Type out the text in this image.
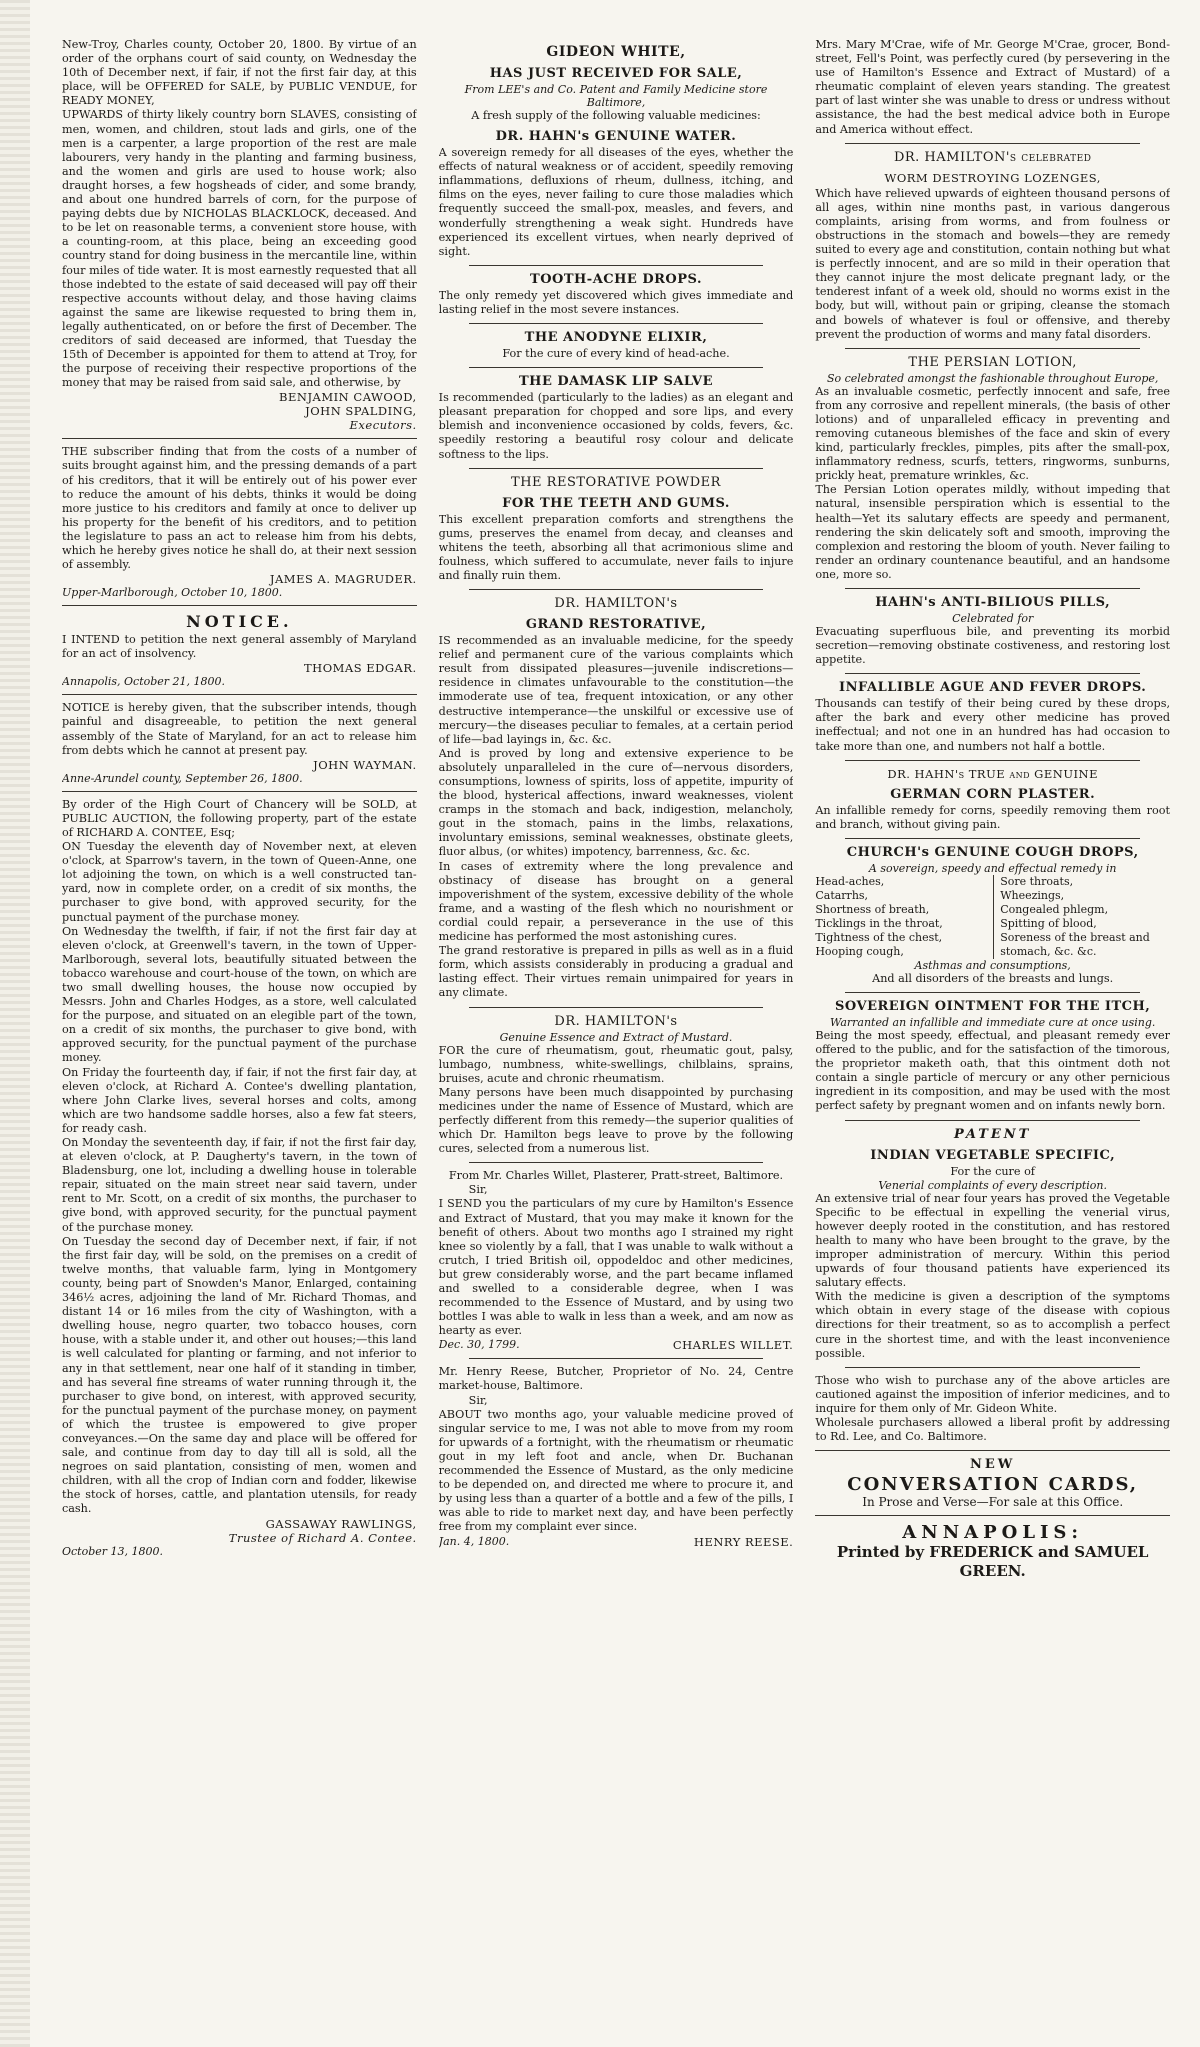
New-Troy, Charles county, October 20, 1800. By virtue of an order of the orphans court of said county, on Wednesday the 10th of December next, if fair, if not the first fair day, at this place, will be OFFERED for SALE, by PUBLIC VENDUE, for READY MONEY,

UPWARDS of thirty likely country born SLAVES, consisting of men, women, and children, stout lads and girls, one of the men is a carpenter, a large proportion of the rest are male labourers, very handy in the planting and farming business, and the women and girls are used to house work; also draught horses, a few hogsheads of cider, and some brandy, and about one hundred barrels of corn, for the purpose of paying debts due by NICHOLAS BLACKLOCK, deceased. And to be let on reasonable terms, a convenient store house, with a counting-room, at this place, being an exceeding good country stand for doing business in the mercantile line, within four miles of tide water. It is most earnestly requested that all those indebted to the estate of said deceased will pay off their respective accounts without delay, and those having claims against the same are likewise requested to bring them in, legally authenticated, on or before the first of December. The creditors of said deceased are informed, that Tuesday the 15th of December is appointed for them to attend at Troy, for the purpose of receiving their respective proportions of the money that may be raised from said sale, and otherwise, by

BENJAMIN CAWOOD,

JOHN SPALDING,

Executors.

THE subscriber finding that from the costs of a number of suits brought against him, and the pressing demands of a part of his creditors, that it will be entirely out of his power ever to reduce the amount of his debts, thinks it would be doing more justice to his creditors and family at once to deliver up his property for the benefit of his creditors, and to petition the legislature to pass an act to release him from his debts, which he hereby gives notice he shall do, at their next session of assembly.

JAMES A. MAGRUDER.

Upper-Marlborough, October 10, 1800.

NOTICE.

I INTEND to petition the next general assembly of Maryland for an act of insolvency.

THOMAS EDGAR.

Annapolis, October 21, 1800.

NOTICE is hereby given, that the subscriber intends, though painful and disagreeable, to petition the next general assembly of the State of Maryland, for an act to release him from debts which he cannot at present pay.

JOHN WAYMAN.

Anne-Arundel county, September 26, 1800.

By order of the High Court of Chancery will be SOLD, at PUBLIC AUCTION, the following property, part of the estate of RICHARD A. CONTEE, Esq;

ON Tuesday the eleventh day of November next, at eleven o'clock, at Sparrow's tavern, in the town of Queen-Anne, one lot adjoining the town, on which is a well constructed tan-yard, now in complete order, on a credit of six months, the purchaser to give bond, with approved security, for the punctual payment of the purchase money.

On Wednesday the twelfth, if fair, if not the first fair day at eleven o'clock, at Greenwell's tavern, in the town of Upper-Marlborough, several lots, beautifully situated between the tobacco warehouse and court-house of the town, on which are two small dwelling houses, the house now occupied by Messrs. John and Charles Hodges, as a store, well calculated for the purpose, and situated on an elegible part of the town, on a credit of six months, the purchaser to give bond, with approved security, for the punctual payment of the purchase money.

On Friday the fourteenth day, if fair, if not the first fair day, at eleven o'clock, at Richard A. Contee's dwelling plantation, where John Clarke lives, several horses and colts, among which are two handsome saddle horses, also a few fat steers, for ready cash.

On Monday the seventeenth day, if fair, if not the first fair day, at eleven o'clock, at P. Daugherty's tavern, in the town of Bladensburg, one lot, including a dwelling house in tolerable repair, situated on the main street near said tavern, under rent to Mr. Scott, on a credit of six months, the purchaser to give bond, with approved security, for the punctual payment of the purchase money.

On Tuesday the second day of December next, if fair, if not the first fair day, will be sold, on the premises on a credit of twelve months, that valuable farm, lying in Montgomery county, being part of Snowden's Manor, Enlarged, containing 346½ acres, adjoining the land of Mr. Richard Thomas, and distant 14 or 16 miles from the city of Washington, with a dwelling house, negro quarter, two tobacco houses, corn house, with a stable under it, and other out houses;—this land is well calculated for planting or farming, and not inferior to any in that settlement, near one half of it standing in timber, and has several fine streams of water running through it, the purchaser to give bond, on interest, with approved security, for the punctual payment of the purchase money, on payment of which the trustee is empowered to give proper conveyances.—On the same day and place will be offered for sale, and continue from day to day till all is sold, all the negroes on said plantation, consisting of men, women and children, with all the crop of Indian corn and fodder, likewise the stock of horses, cattle, and plantation utensils, for ready cash.

GASSAWAY RAWLINGS,

Trustee of Richard A. Contee.

October 13, 1800.

GIDEON WHITE,

HAS JUST RECEIVED FOR SALE,

From LEE's and Co. Patent and Family Medicine store Baltimore,

A fresh supply of the following valuable medicines:

DR. HAHN's GENUINE WATER.

A sovereign remedy for all diseases of the eyes, whether the effects of natural weakness or of accident, speedily removing inflammations, defluxions of rheum, dullness, itching, and films on the eyes, never failing to cure those maladies which frequently succeed the small-pox, measles, and fevers, and wonderfully strengthening a weak sight. Hundreds have experienced its excellent virtues, when nearly deprived of sight.

TOOTH-ACHE DROPS.

The only remedy yet discovered which gives immediate and lasting relief in the most severe instances.

THE ANODYNE ELIXIR,

For the cure of every kind of head-ache.

THE DAMASK LIP SALVE

Is recommended (particularly to the ladies) as an elegant and pleasant preparation for chopped and sore lips, and every blemish and inconvenience occasioned by colds, fevers, &c. speedily restoring a beautiful rosy colour and delicate softness to the lips.

THE RESTORATIVE POWDER

FOR THE TEETH AND GUMS.

This excellent preparation comforts and strengthens the gums, preserves the enamel from decay, and cleanses and whitens the teeth, absorbing all that acrimonious slime and foulness, which suffered to accumulate, never fails to injure and finally ruin them.

DR. HAMILTON's

GRAND RESTORATIVE,

IS recommended as an invaluable medicine, for the speedy relief and permanent cure of the various complaints which result from dissipated pleasures—juvenile indiscretions—residence in climates unfavourable to the constitution—the immoderate use of tea, frequent intoxication, or any other destructive intemperance—the unskilful or excessive use of mercury—the diseases peculiar to females, at a certain period of life—bad layings in, &c. &c.

And is proved by long and extensive experience to be absolutely unparalleled in the cure of—nervous disorders, consumptions, lowness of spirits, loss of appetite, impurity of the blood, hysterical affections, inward weaknesses, violent cramps in the stomach and back, indigestion, melancholy, gout in the stomach, pains in the limbs, relaxations, involuntary emissions, seminal weaknesses, obstinate gleets, fluor albus, (or whites) impotency, barrenness, &c. &c.

In cases of extremity where the long prevalence and obstinacy of disease has brought on a general impoverishment of the system, excessive debility of the whole frame, and a wasting of the flesh which no nourishment or cordial could repair, a perseverance in the use of this medicine has performed the most astonishing cures.

The grand restorative is prepared in pills as well as in a fluid form, which assists considerably in producing a gradual and lasting effect. Their virtues remain unimpaired for years in any climate.

DR. HAMILTON's

Genuine Essence and Extract of Mustard.

FOR the cure of rheumatism, gout, rheumatic gout, palsy, lumbago, numbness, white-swellings, chilblains, sprains, bruises, acute and chronic rheumatism.

Many persons have been much disappointed by purchasing medicines under the name of Essence of Mustard, which are perfectly different from this remedy—the superior qualities of which Dr. Hamilton begs leave to prove by the following cures, selected from a numerous list.

From Mr. Charles Willet, Plasterer, Pratt-street, Baltimore.

Sir,

I SEND you the particulars of my cure by Hamilton's Essence and Extract of Mustard, that you may make it known for the benefit of others. About two months ago I strained my right knee so violently by a fall, that I was unable to walk without a crutch, I tried British oil, oppodeldoc and other medicines, but grew considerably worse, and the part became inflamed and swelled to a considerable degree, when I was recommended to the Essence of Mustard, and by using two bottles I was able to walk in less than a week, and am now as hearty as ever.

Dec. 30, 1799.	CHARLES WILLET.

Mr. Henry Reese, Butcher, Proprietor of No. 24, Centre market-house, Baltimore.

Sir,

ABOUT two months ago, your valuable medicine proved of singular service to me, I was not able to move from my room for upwards of a fortnight, with the rheumatism or rheumatic gout in my left foot and ancle, when Dr. Buchanan recommended the Essence of Mustard, as the only medicine to be depended on, and directed me where to procure it, and by using less than a quarter of a bottle and a few of the pills, I was able to ride to market next day, and have been perfectly free from my complaint ever since.

Jan. 4, 1800.	HENRY REESE.

Mrs. Mary M'Crae, wife of Mr. George M'Crae, grocer, Bond-street, Fell's Point, was perfectly cured (by persevering in the use of Hamilton's Essence and Extract of Mustard) of a rheumatic complaint of eleven years standing. The greatest part of last winter she was unable to dress or undress without assistance, the had the best medical advice both in Europe and America without effect.

DR. HAMILTON's celebrated

WORM DESTROYING LOZENGES,

Which have relieved upwards of eighteen thousand persons of all ages, within nine months past, in various dangerous complaints, arising from worms, and from foulness or obstructions in the stomach and bowels—they are remedy suited to every age and constitution, contain nothing but what is perfectly innocent, and are so mild in their operation that they cannot injure the most delicate pregnant lady, or the tenderest infant of a week old, should no worms exist in the body, but will, without pain or griping, cleanse the stomach and bowels of whatever is foul or offensive, and thereby prevent the production of worms and many fatal disorders.

THE PERSIAN LOTION,

So celebrated amongst the fashionable throughout Europe,

As an invaluable cosmetic, perfectly innocent and safe, free from any corrosive and repellent minerals, (the basis of other lotions) and of unparalleled efficacy in preventing and removing cutaneous blemishes of the face and skin of every kind, particularly freckles, pimples, pits after the small-pox, inflammatory redness, scurfs, tetters, ringworms, sunburns, prickly heat, premature wrinkles, &c.

The Persian Lotion operates mildly, without impeding that natural, insensible perspiration which is essential to the health—Yet its salutary effects are speedy and permanent, rendering the skin delicately soft and smooth, improving the complexion and restoring the bloom of youth. Never failing to render an ordinary countenance beautiful, and an handsome one, more so.

HAHN's ANTI-BILIOUS PILLS,

Celebrated for

Evacuating superfluous bile, and preventing its morbid secretion—removing obstinate costiveness, and restoring lost appetite.

INFALLIBLE AGUE AND FEVER DROPS.

Thousands can testify of their being cured by these drops, after the bark and every other medicine has proved ineffectual; and not one in an hundred has had occasion to take more than one, and numbers not half a bottle.

DR. HAHN's TRUE and GENUINE

GERMAN CORN PLASTER.

An infallible remedy for corns, speedily removing them root and branch, without giving pain.

CHURCH's GENUINE COUGH DROPS,

A sovereign, speedy and effectual remedy in

Head-aches,

Catarrhs,

Shortness of breath,

Ticklings in the throat,

Tightness of the chest,

Hooping cough,

Sore throats,

Wheezings,

Congealed phlegm,

Spitting of blood,

Soreness of the breast and stomach, &c. &c.

Asthmas and consumptions,

And all disorders of the breasts and lungs.

SOVEREIGN OINTMENT FOR THE ITCH,

Warranted an infallible and immediate cure at once using.

Being the most speedy, effectual, and pleasant remedy ever offered to the public, and for the satisfaction of the timorous, the proprietor maketh oath, that this ointment doth not contain a single particle of mercury or any other pernicious ingredient in its composition, and may be used with the most perfect safety by pregnant women and on infants newly born.

PATENT

INDIAN VEGETABLE SPECIFIC,

For the cure of

Venerial complaints of every description.

An extensive trial of near four years has proved the Vegetable Specific to be effectual in expelling the venerial virus, however deeply rooted in the constitution, and has restored health to many who have been brought to the grave, by the improper administration of mercury. Within this period upwards of four thousand patients have experienced its salutary effects.

With the medicine is given a description of the symptoms which obtain in every stage of the disease with copious directions for their treatment, so as to accomplish a perfect cure in the shortest time, and with the least inconvenience possible.

Those who wish to purchase any of the above articles are cautioned against the imposition of inferior medicines, and to inquire for them only of Mr. Gideon White.

Wholesale purchasers allowed a liberal profit by addressing to Rd. Lee, and Co. Baltimore.

NEW

CONVERSATION CARDS,

In Prose and Verse—For sale at this Office.

ANNAPOLIS:

Printed by FREDERICK and SAMUEL

GREEN.
